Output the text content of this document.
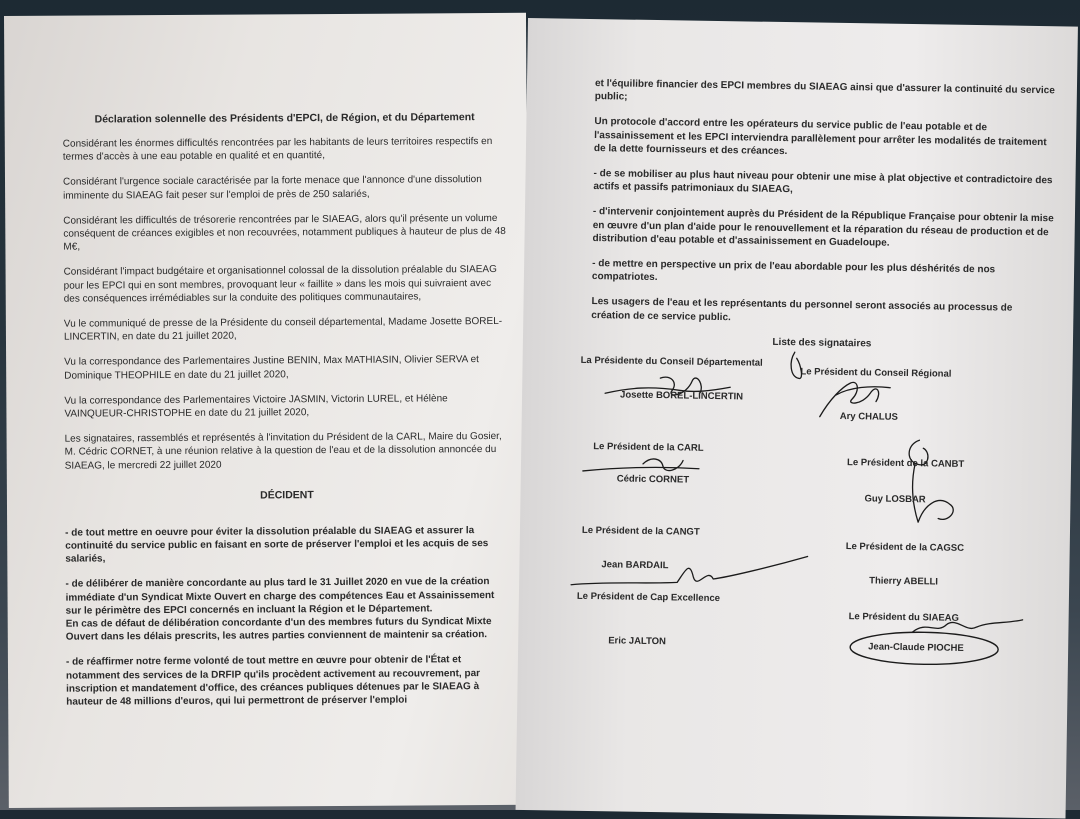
Déclaration solennelle des Présidents d'EPCI, de Région, et du Département

Considérant les énormes difficultés rencontrées par les habitants de leurs territoires respectifs en termes d'accès à une eau potable en qualité et en quantité,

Considérant l'urgence sociale caractérisée par la forte menace que l'annonce d'une dissolution imminente du SIAEAG fait peser sur l'emploi de près de 250 salariés,

Considérant les difficultés de trésorerie rencontrées par le SIAEAG, alors qu'il présente un volume conséquent de créances exigibles et non recouvrées, notamment publiques à hauteur de plus de 48 M€,

Considérant l'impact budgétaire et organisationnel colossal de la dissolution préalable du SIAEAG pour les EPCI qui en sont membres, provoquant leur « faillite » dans les mois qui suivraient avec des conséquences irrémédiables sur la conduite des politiques communautaires,

Vu le communiqué de presse de la Présidente du conseil départemental, Madame Josette BOREL-LINCERTIN, en date du 21 juillet 2020,

Vu la correspondance des Parlementaires Justine BENIN, Max MATHIASIN, Olivier SERVA et Dominique THEOPHILE en date du 21 juillet 2020,

Vu la correspondance des Parlementaires Victoire JASMIN, Victorin LUREL, et Hélène VAINQUEUR-CHRISTOPHE en date du 21 juillet 2020,

Les signataires, rassemblés et représentés à l'invitation du Président de la CARL, Maire du Gosier, M. Cédric CORNET, à une réunion relative à la question de l'eau et de la dissolution annoncée du SIAEAG, le mercredi 22 juillet 2020

DÉCIDENT

- de tout mettre en oeuvre pour éviter la dissolution préalable du SIAEAG et assurer la continuité du service public en faisant en sorte de préserver l'emploi et les acquis de ses salariés,

- de délibérer de manière concordante au plus tard le 31 Juillet 2020 en vue de la création immédiate d'un Syndicat Mixte Ouvert en charge des compétences Eau et Assainissement sur le périmètre des EPCI concernés en incluant la Région et le Département.

En cas de défaut de délibération concordante d'un des membres futurs du Syndicat Mixte Ouvert dans les délais prescrits, les autres parties conviennent de maintenir sa création.

- de réaffirmer notre ferme volonté de tout mettre en œuvre pour obtenir de l'État et notamment des services de la DRFIP qu'ils procèdent activement au recouvrement, par inscription et mandatement d'office, des créances publiques détenues par le SIAEAG à hauteur de 48 millions d'euros, qui lui permettront de préserver l'emploi

et l'équilibre financier des EPCI membres du SIAEAG ainsi que d'assurer la continuité du service public;

Un protocole d'accord entre les opérateurs du service public de l'eau potable et de l'assainissement et les EPCI interviendra parallèlement pour arrêter les modalités de traitement de la dette fournisseurs et des créances.

- de se mobiliser au plus haut niveau pour obtenir une mise à plat objective et contradictoire des actifs et passifs patrimoniaux du SIAEAG,

- d'intervenir conjointement auprès du Président de la République Française pour obtenir la mise en œuvre d'un plan d'aide pour le renouvellement et la réparation du réseau de production et de distribution d'eau potable et d'assainissement en Guadeloupe.

- de mettre en perspective un prix de l'eau abordable pour les plus déshérités de nos compatriotes.

Les usagers de l'eau et les représentants du personnel seront associés au processus de création de ce service public.

Liste des signataires

La Présidente du Conseil Départemental
Le Président du Conseil Régional
Josette BOREL-LINCERTIN
Ary CHALUS
Le Président de la CARL
Cédric CORNET
Le Président de la CANBT
Guy LOSBAR
Le Président de la CANGT
Le Président de la CAGSC
Jean BARDAIL
Thierry ABELLI
Le Président de Cap Excellence
Le Président du SIAEAG
Eric JALTON
Jean-Claude PIOCHE
